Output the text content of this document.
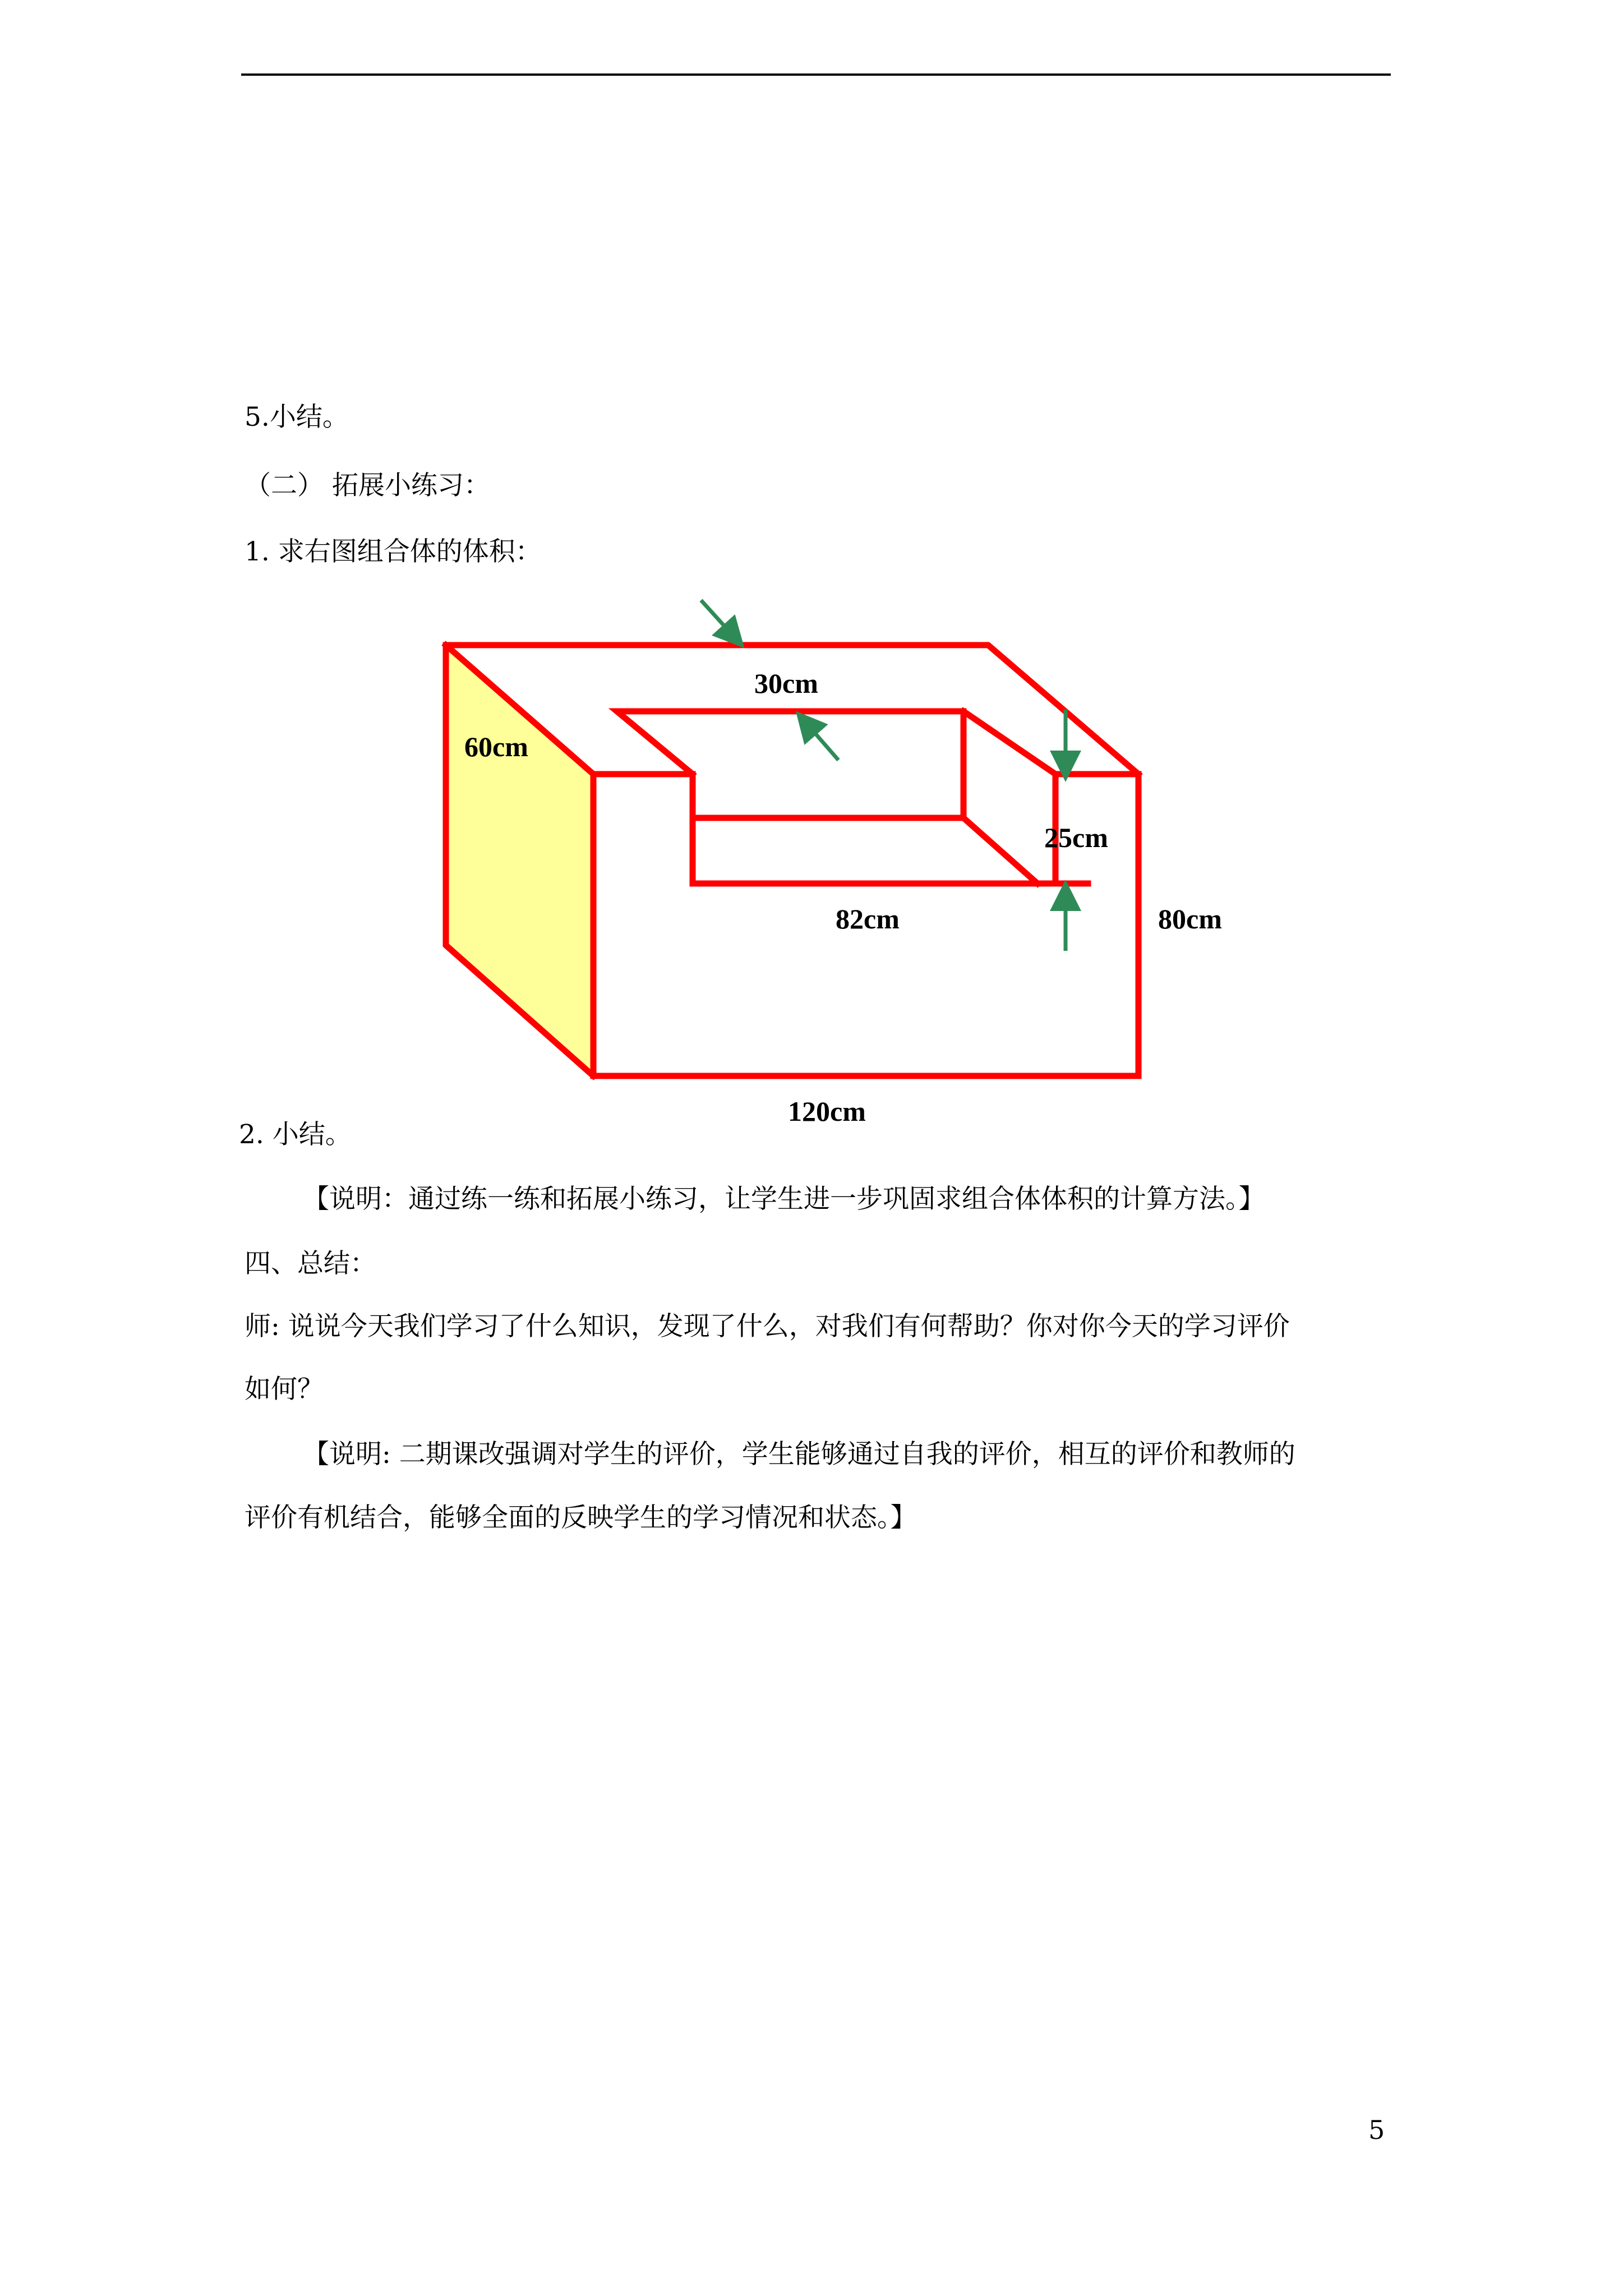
5.小结。
（二） 拓展小练习：
1. 求右图组合体的体积：
30cm
60cm
25cm
82cm	80cm
120cm
2. 小结。
【说明：通过练一练和拓展小练习，让学生进一步巩固求组合体体积的计算方法。】
四、总结：
师: 说说今天我们学习了什么知识，发现了什么，对我们有何帮助？你对你今天的学习评价
如何？
【说明: 二期课改强调对学生的评价，学生能够通过自我的评价，相互的评价和教师的
评价有机结合，能够全面的反映学生的学习情况和状态。】
5
